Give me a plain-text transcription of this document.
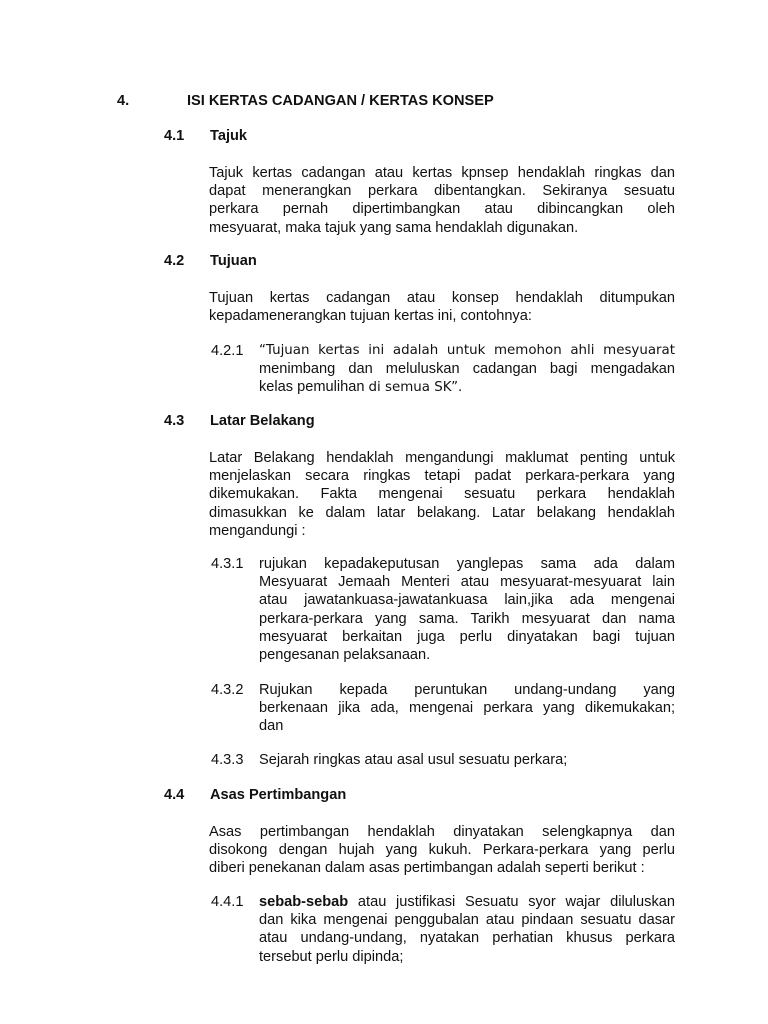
4.	ISI KERTAS CADANGAN / KERTAS KONSEP
4.1 Tajuk
Tajuk kertas cadangan atau kertas kpnsep hendaklah ringkas dan
dapat menerangkan perkara dibentangkan. Sekiranya sesuatu
perkara pernah dipertimbangkan atau dibincangkan oleh
mesyuarat, maka tajuk yang sama hendaklah digunakan.
4.2 Tujuan
Tujuan kertas cadangan atau konsep hendaklah ditumpukan
kepadamenerangkan tujuan kertas ini, contohnya:
4.2.1 “Tujuan kertas ini adalah untuk memohon ahli mesyuarat
menimbang dan meluluskan cadangan bagi mengadakan
kelas pemulihan di semua SK”.
4.3 Latar Belakang
Latar Belakang hendaklah mengandungi maklumat penting untuk
menjelaskan secara ringkas tetapi padat perkara-perkara yang
dikemukakan. Fakta mengenai sesuatu perkara hendaklah
dimasukkan ke dalam latar belakang. Latar belakang hendaklah
mengandungi :
4.3.1 rujukan kepadakeputusan yanglepas sama ada dalam
Mesyuarat Jemaah Menteri atau mesyuarat-mesyuarat lain
atau jawatankuasa-jawatankuasa lain,jika ada mengenai
perkara-perkara yang sama. Tarikh mesyuarat dan nama
mesyuarat berkaitan juga perlu dinyatakan bagi tujuan
pengesanan pelaksanaan.
4.3.2 Rujukan kepada peruntukan undang-undang yang
berkenaan jika ada, mengenai perkara yang dikemukakan;
dan
4.3.3 Sejarah ringkas atau asal usul sesuatu perkara;
4.4 Asas Pertimbangan
Asas pertimbangan hendaklah dinyatakan selengkapnya dan
disokong dengan hujah yang kukuh. Perkara-perkara yang perlu
diberi penekanan dalam asas pertimbangan adalah seperti berikut :
4.4.1 sebab-sebab atau justifikasi Sesuatu syor wajar diluluskan
dan kika mengenai penggubalan atau pindaan sesuatu dasar
atau undang-undang, nyatakan perhatian khusus perkara
tersebut perlu dipinda;
